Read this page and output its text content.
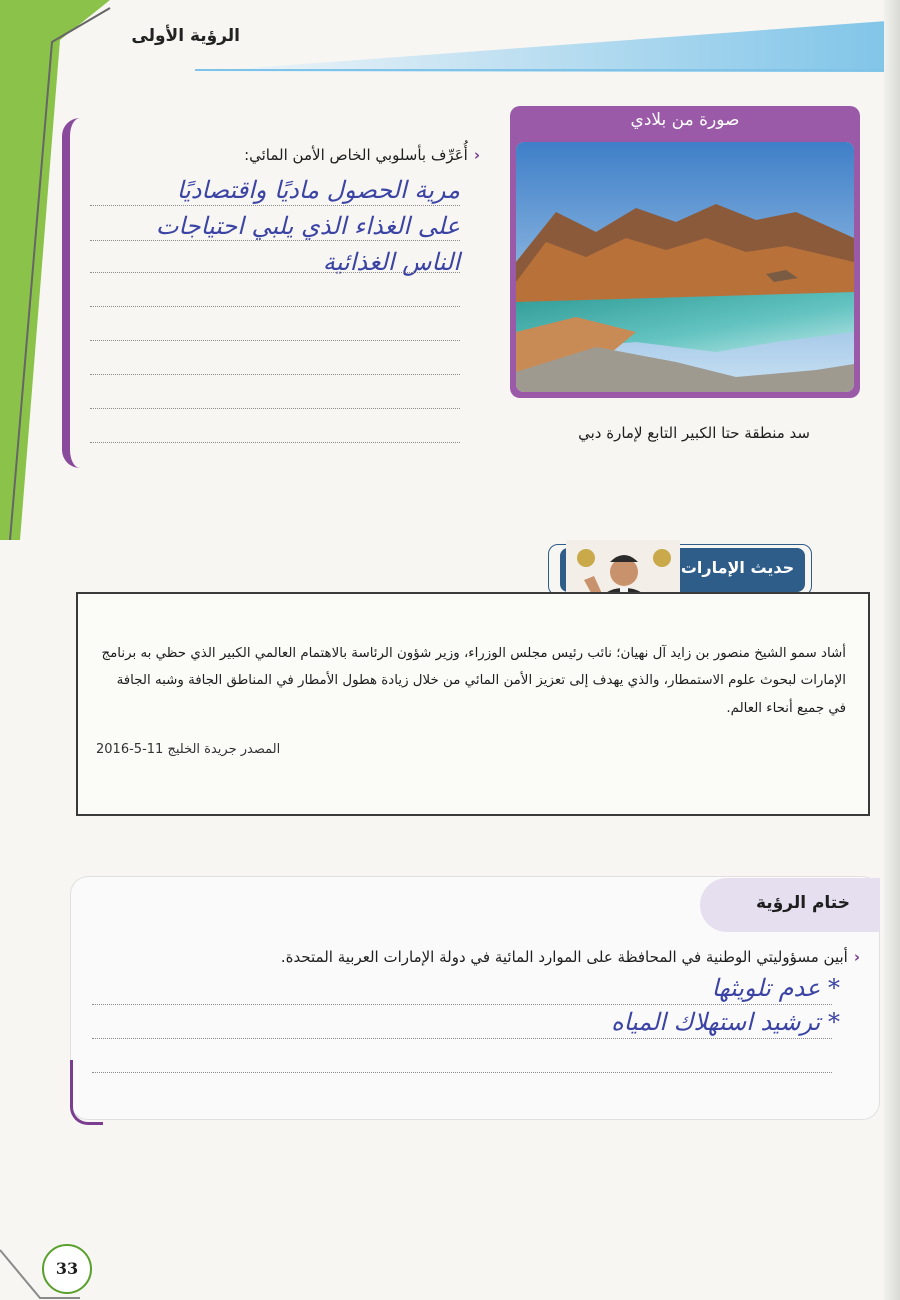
الرؤية الأولى
‹أُعَرِّف بأسلوبي الخاص الأمن المائي:
مرية الحصول ماديًا واقتصاديًا
على الغذاء الذي يلبي احتياجات
الناس الغذائية
صورة من بلادي
سد منطقة حتا الكبير التابع لإمارة دبي
حديث الإمارات
أشاد سمو الشيخ منصور بن زايد آل نهيان؛ نائب رئيس مجلس الوزراء، وزير شؤون الرئاسة بالاهتمام العالمي الكبير الذي حظي به برنامج الإمارات لبحوث علوم الاستمطار، والذي يهدف إلى تعزيز الأمن المائي من خلال زيادة هطول الأمطار في المناطق الجافة وشبه الجافة في جميع أنحاء العالم.
المصدر جريدة الخليج 11-5-2016
ختام الرؤية
‹أبين مسؤوليتي الوطنية في المحافظة على الموارد المائية في دولة الإمارات العربية المتحدة.
* عدم تلويثها
* ترشيد استهلاك المياه
33
